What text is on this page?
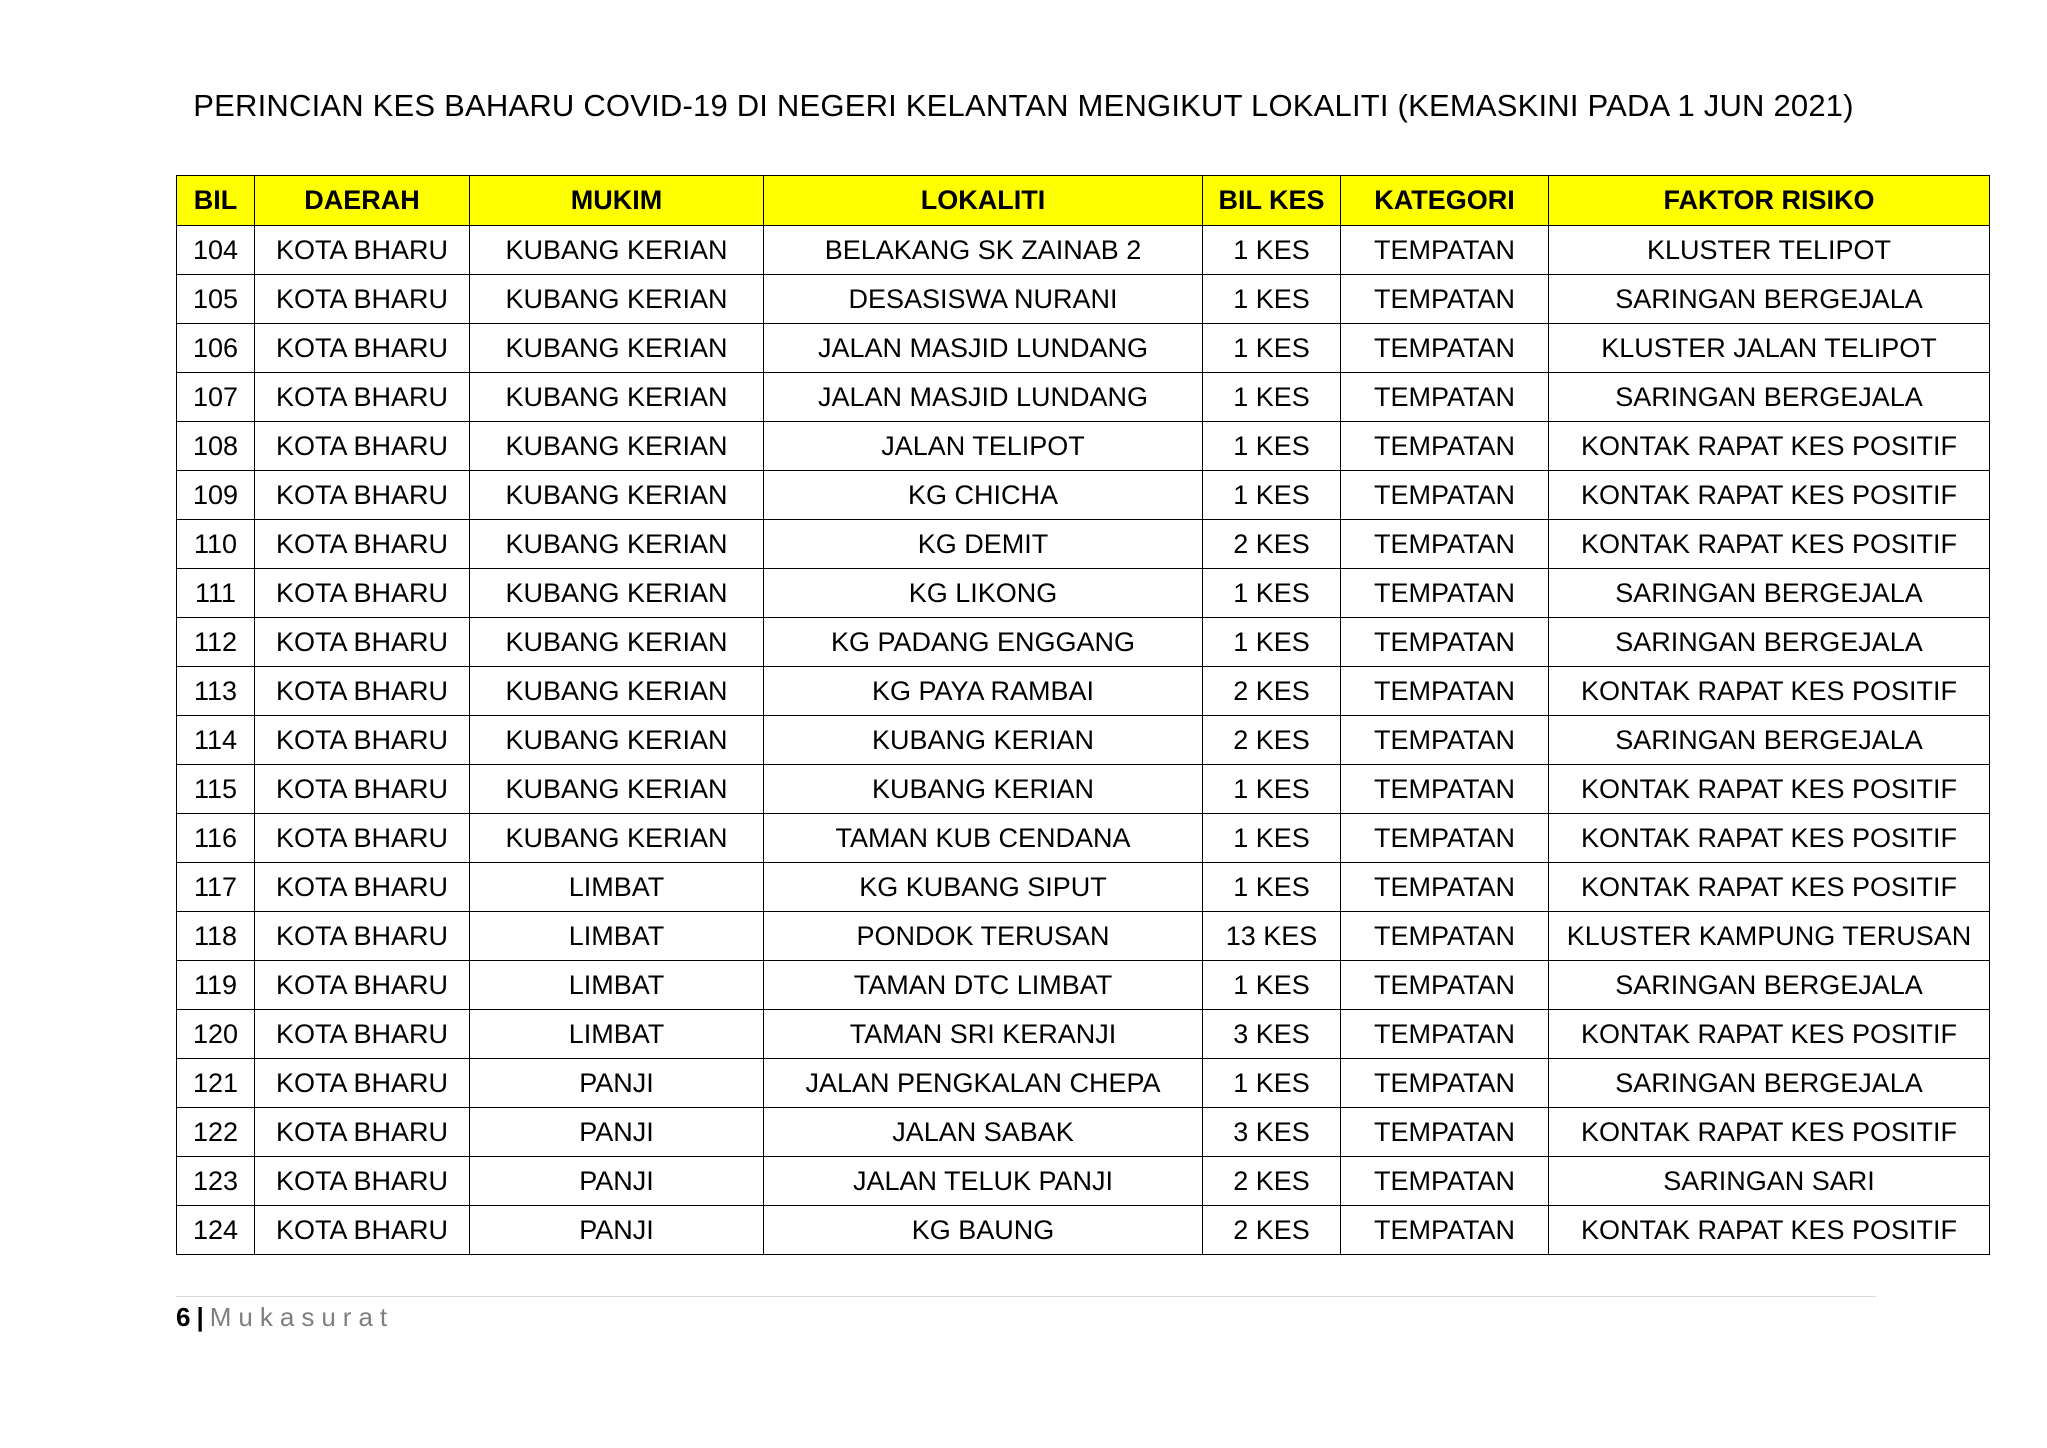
PERINCIAN KES BAHARU COVID-19 DI NEGERI KELANTAN MENGIKUT LOKALITI (KEMASKINI PADA 1 JUN 2021)
BIL	DAERAH	MUKIM	LOKALITI	BIL KES	KATEGORI	FAKTOR RISIKO
104	KOTA BHARU	KUBANG KERIAN	BELAKANG SK ZAINAB 2	1 KES	TEMPATAN	KLUSTER TELIPOT
105	KOTA BHARU	KUBANG KERIAN	DESASISWA NURANI	1 KES	TEMPATAN	SARINGAN BERGEJALA
106	KOTA BHARU	KUBANG KERIAN	JALAN MASJID LUNDANG	1 KES	TEMPATAN	KLUSTER JALAN TELIPOT
107	KOTA BHARU	KUBANG KERIAN	JALAN MASJID LUNDANG	1 KES	TEMPATAN	SARINGAN BERGEJALA
108	KOTA BHARU	KUBANG KERIAN	JALAN TELIPOT	1 KES	TEMPATAN	KONTAK RAPAT KES POSITIF
109	KOTA BHARU	KUBANG KERIAN	KG CHICHA	1 KES	TEMPATAN	KONTAK RAPAT KES POSITIF
110	KOTA BHARU	KUBANG KERIAN	KG DEMIT	2 KES	TEMPATAN	KONTAK RAPAT KES POSITIF
111	KOTA BHARU	KUBANG KERIAN	KG LIKONG	1 KES	TEMPATAN	SARINGAN BERGEJALA
112	KOTA BHARU	KUBANG KERIAN	KG PADANG ENGGANG	1 KES	TEMPATAN	SARINGAN BERGEJALA
113	KOTA BHARU	KUBANG KERIAN	KG PAYA RAMBAI	2 KES	TEMPATAN	KONTAK RAPAT KES POSITIF
114	KOTA BHARU	KUBANG KERIAN	KUBANG KERIAN	2 KES	TEMPATAN	SARINGAN BERGEJALA
115	KOTA BHARU	KUBANG KERIAN	KUBANG KERIAN	1 KES	TEMPATAN	KONTAK RAPAT KES POSITIF
116	KOTA BHARU	KUBANG KERIAN	TAMAN KUB CENDANA	1 KES	TEMPATAN	KONTAK RAPAT KES POSITIF
117	KOTA BHARU	LIMBAT	KG KUBANG SIPUT	1 KES	TEMPATAN	KONTAK RAPAT KES POSITIF
118	KOTA BHARU	LIMBAT	PONDOK TERUSAN	13 KES	TEMPATAN	KLUSTER KAMPUNG TERUSAN
119	KOTA BHARU	LIMBAT	TAMAN DTC LIMBAT	1 KES	TEMPATAN	SARINGAN BERGEJALA
120	KOTA BHARU	LIMBAT	TAMAN SRI KERANJI	3 KES	TEMPATAN	KONTAK RAPAT KES POSITIF
121	KOTA BHARU	PANJI	JALAN PENGKALAN CHEPA	1 KES	TEMPATAN	SARINGAN BERGEJALA
122	KOTA BHARU	PANJI	JALAN SABAK	3 KES	TEMPATAN	KONTAK RAPAT KES POSITIF
123	KOTA BHARU	PANJI	JALAN TELUK PANJI	2 KES	TEMPATAN	SARINGAN SARI
124	KOTA BHARU	PANJI	KG BAUNG	2 KES	TEMPATAN	KONTAK RAPAT KES POSITIF
6 | Mukasurat
